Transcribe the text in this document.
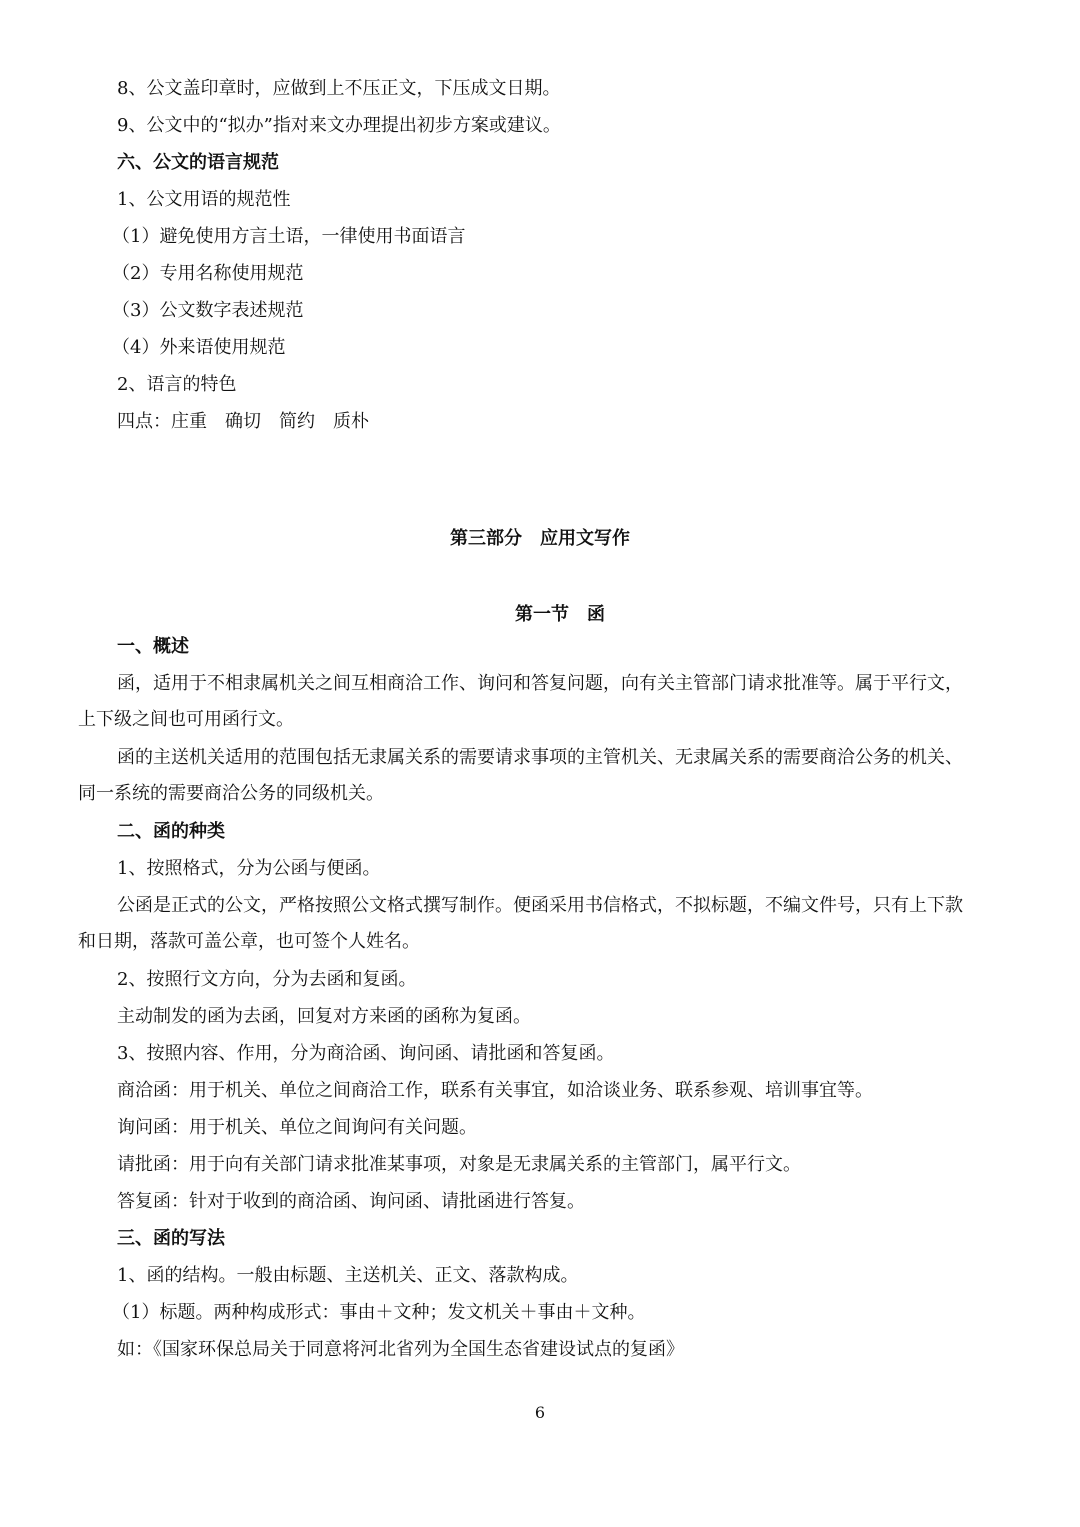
8、公文盖印章时，应做到上不压正文，下压成文日期。
9、公文中的“拟办”指对来文办理提出初步方案或建议。
六、公文的语言规范
1、公文用语的规范性
（1）避免使用方言土语，一律使用书面语言
（2）专用名称使用规范
（3）公文数字表述规范
（4）外来语使用规范
2、语言的特色
四点：庄重　确切　简约　质朴
第三部分　应用文写作
第一节　函
一、概述
函，适用于不相隶属机关之间互相商洽工作、询问和答复问题，向有关主管部门请求批准等。属于平行文，
上下级之间也可用函行文。
函的主送机关适用的范围包括无隶属关系的需要请求事项的主管机关、无隶属关系的需要商洽公务的机关、
同一系统的需要商洽公务的同级机关。
二、函的种类
1、按照格式，分为公函与便函。
公函是正式的公文，严格按照公文格式撰写制作。便函采用书信格式，不拟标题，不编文件号，只有上下款
和日期，落款可盖公章，也可签个人姓名。
2、按照行文方向，分为去函和复函。
主动制发的函为去函，回复对方来函的函称为复函。
3、按照内容、作用，分为商洽函、询问函、请批函和答复函。
商洽函：用于机关、单位之间商洽工作，联系有关事宜，如洽谈业务、联系参观、培训事宜等。
询问函：用于机关、单位之间询问有关问题。
请批函：用于向有关部门请求批准某事项，对象是无隶属关系的主管部门，属平行文。
答复函：针对于收到的商洽函、询问函、请批函进行答复。
三、函的写法
1、函的结构。一般由标题、主送机关、正文、落款构成。
（1）标题。两种构成形式：事由＋文种；发文机关＋事由＋文种。
如：《国家环保总局关于同意将河北省列为全国生态省建设试点的复函》
6
